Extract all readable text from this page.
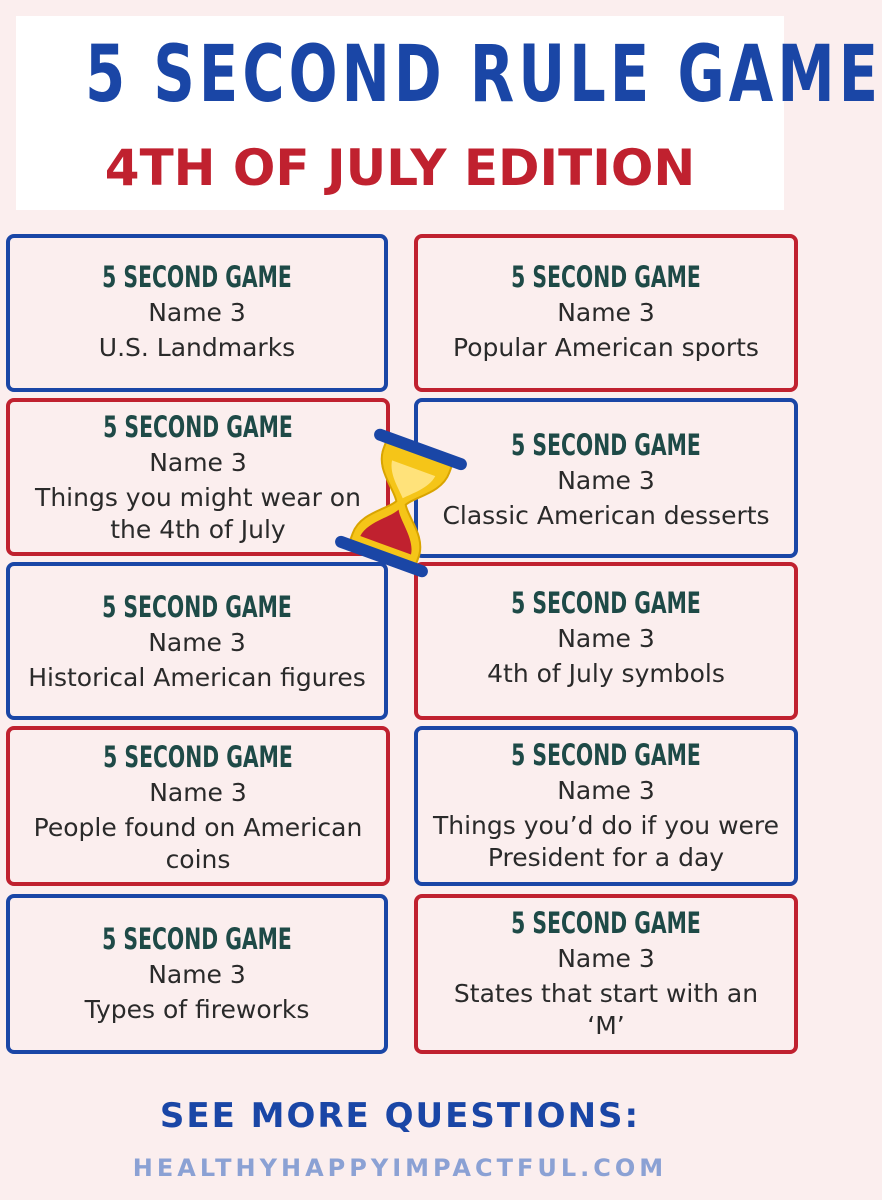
5 SECOND RULE GAME
4TH OF JULY EDITION
5 SECOND GAME
Name 3
U.S. Landmarks
5 SECOND GAME
Name 3
Things you might wear on the 4th of July
5 SECOND GAME
Name 3
Historical American figures
5 SECOND GAME
Name 3
People found on American coins
5 SECOND GAME
Name 3
Types of fireworks
5 SECOND GAME
Name 3
Popular American sports
5 SECOND GAME
Name 3
Classic American desserts
5 SECOND GAME
Name 3
4th of July symbols
5 SECOND GAME
Name 3
Things you’d do if you were President for a day
5 SECOND GAME
Name 3
States that start with an ‘M’
SEE MORE QUESTIONS:
HEALTHYHAPPYIMPACTFUL.COM
